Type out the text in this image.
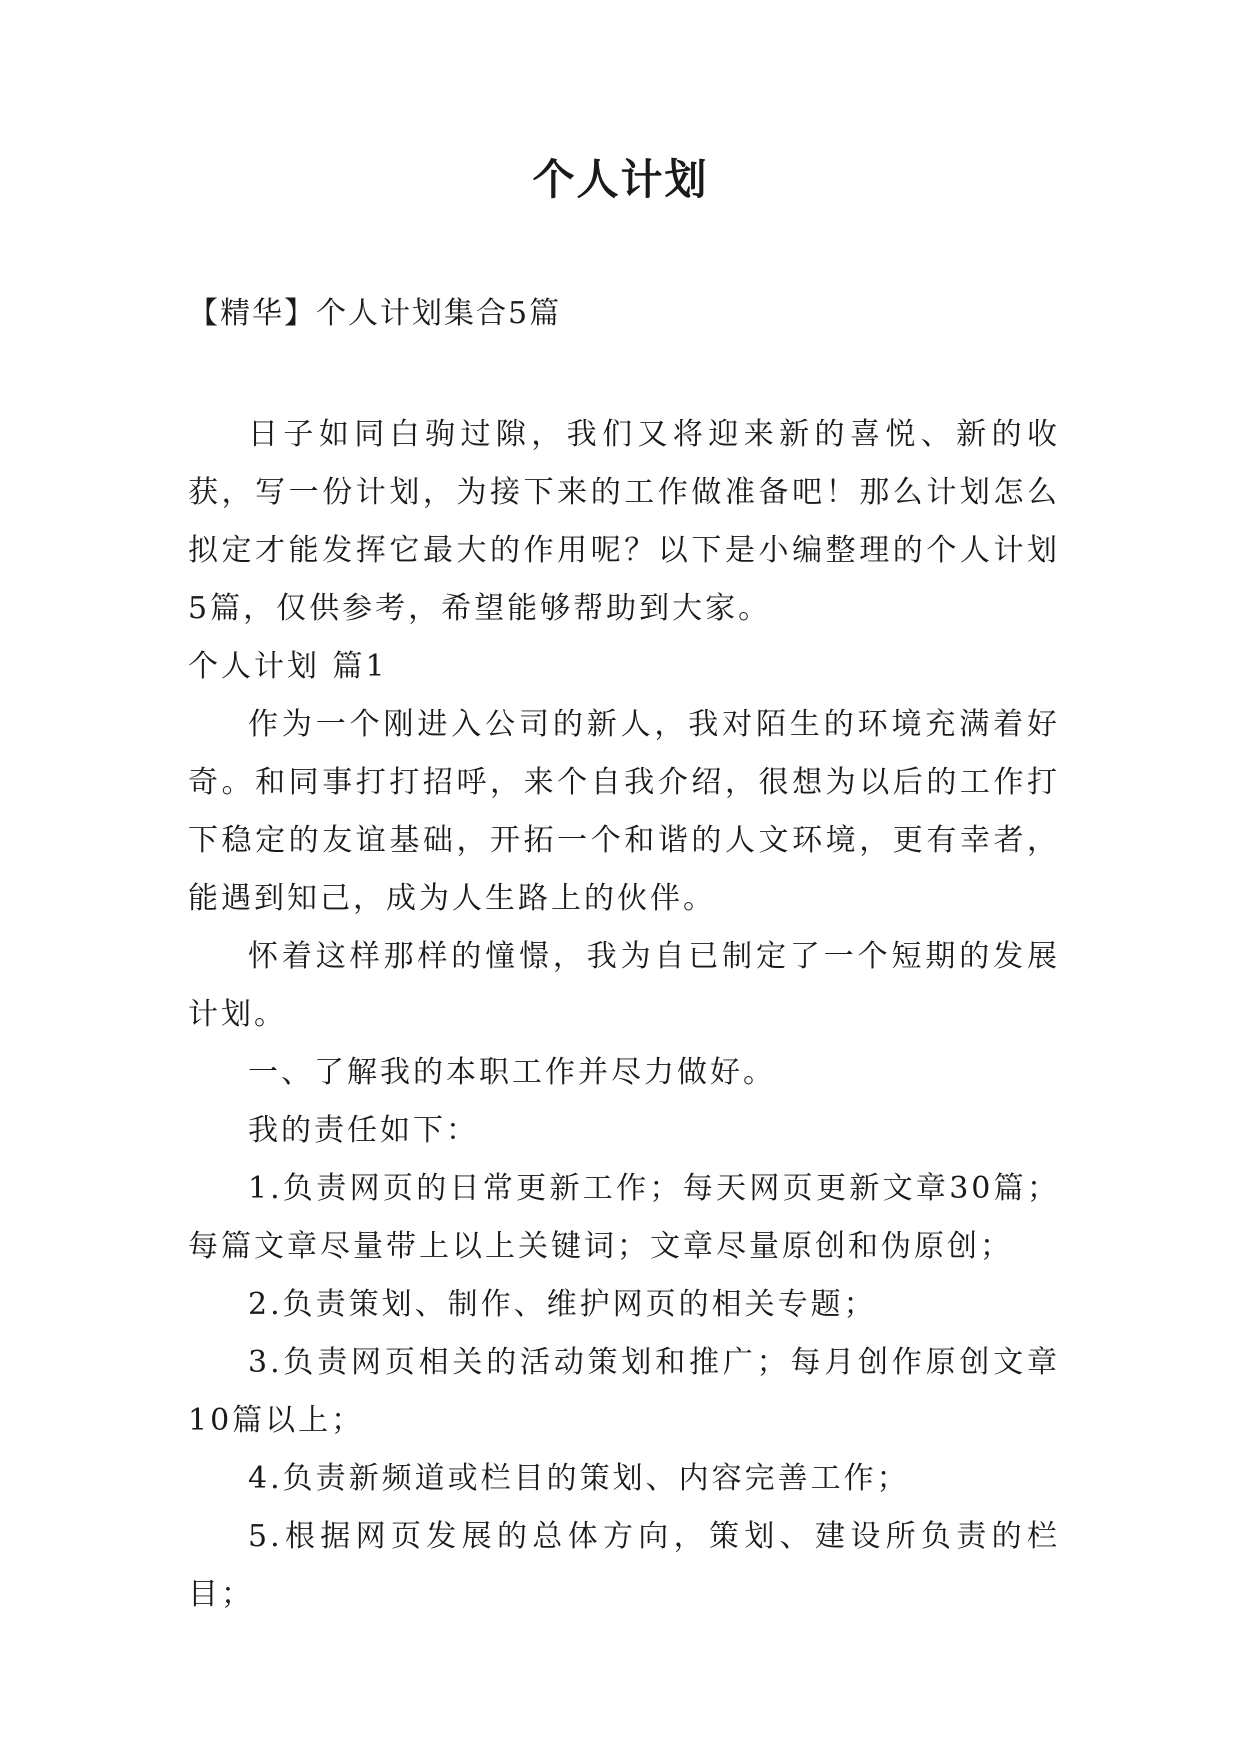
个人计划

【精华】个人计划集合5篇

日子如同白驹过隙，我们又将迎来新的喜悦、新的收获，写一份计划，为接下来的工作做准备吧！那么计划怎么拟定才能发挥它最大的作用呢？以下是小编整理的个人计划5篇，仅供参考，希望能够帮助到大家。

个人计划 篇1

作为一个刚进入公司的新人，我对陌生的环境充满着好奇。和同事打打招呼，来个自我介绍，很想为以后的工作打下稳定的友谊基础，开拓一个和谐的人文环境，更有幸者，能遇到知己，成为人生路上的伙伴。

怀着这样那样的憧憬，我为自已制定了一个短期的发展计划。

一、了解我的本职工作并尽力做好。

我的责任如下：

1.负责网页的日常更新工作；每天网页更新文章30篇；每篇文章尽量带上以上关键词；文章尽量原创和伪原创；

2.负责策划、制作、维护网页的相关专题；

3.负责网页相关的活动策划和推广；每月创作原创文章10篇以上；

4.负责新频道或栏目的策划、内容完善工作；

5.根据网页发展的总体方向，策划、建设所负责的栏目；
